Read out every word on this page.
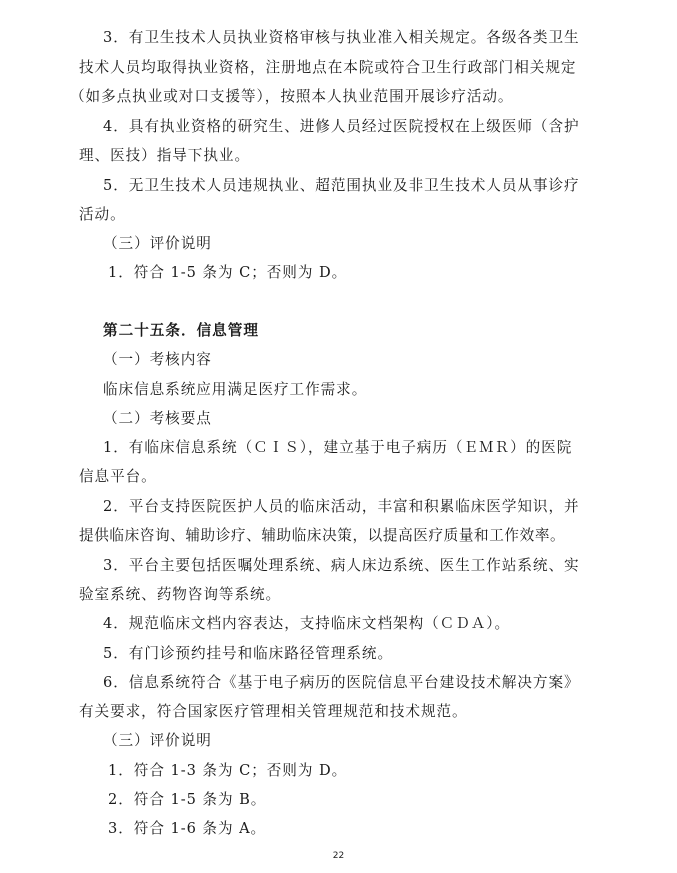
3．有卫生技术人员执业资格审核与执业准入相关规定。各级各类卫生
技术人员均取得执业资格，注册地点在本院或符合卫生行政部门相关规定
（如多点执业或对口支援等），按照本人执业范围开展诊疗活动。
4．具有执业资格的研究生、进修人员经过医院授权在上级医师（含护
理、医技）指导下执业。
5．无卫生技术人员违规执业、超范围执业及非卫生技术人员从事诊疗
活动。
（三）评价说明
1．符合 1-5 条为 C；否则为 D。
第二十五条．信息管理
（一）考核内容
临床信息系统应用满足医疗工作需求。
（二）考核要点
1．有临床信息系统（ＣＩＳ），建立基于电子病历（ＥＭＲ）的医院
信息平台。
2．平台支持医院医护人员的临床活动，丰富和积累临床医学知识，并
提供临床咨询、辅助诊疗、辅助临床决策，以提高医疗质量和工作效率。
3．平台主要包括医嘱处理系统、病人床边系统、医生工作站系统、实
验室系统、药物咨询等系统。
4．规范临床文档内容表达，支持临床文档架构（ＣＤＡ）。
5．有门诊预约挂号和临床路径管理系统。
6．信息系统符合《基于电子病历的医院信息平台建设技术解决方案》
有关要求，符合国家医疗管理相关管理规范和技术规范。
（三）评价说明
1．符合 1-3 条为 C；否则为 D。
2．符合 1-5 条为 B。
3．符合 1-6 条为 A。
22
